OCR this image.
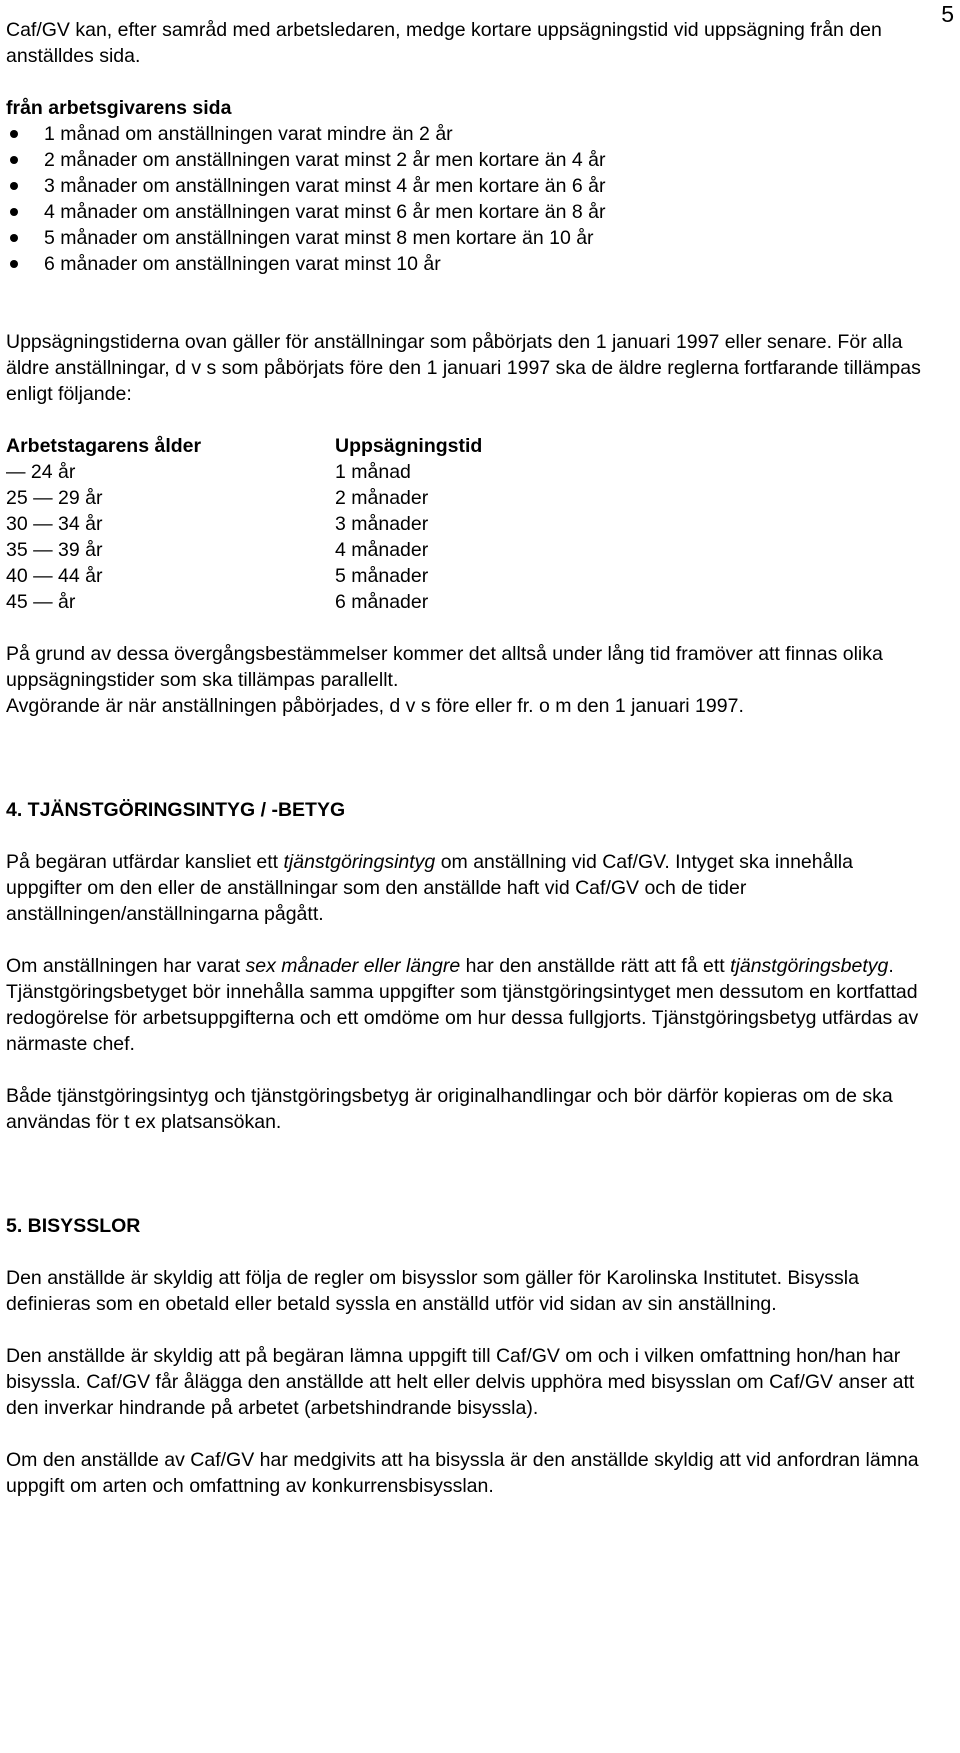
5

Caf/GV kan, efter samråd med arbetsledaren, medge kortare uppsägningstid vid uppsägning från den anställdes sida.

från arbetsgivarens sida

1 månad om anställningen varat mindre än 2 år
2 månader om anställningen varat minst 2 år men kortare än 4 år
3 månader om anställningen varat minst 4 år men kortare än 6 år
4 månader om anställningen varat minst 6 år men kortare än 8 år
5 månader om anställningen varat minst 8 men kortare än 10 år
6 månader om anställningen varat minst 10 år

Uppsägningstiderna ovan gäller för anställningar som påbörjats den 1 januari 1997 eller senare. För alla äldre anställningar, d v s som påbörjats före den 1 januari 1997 ska de äldre reglerna fortfarande tillämpas enligt följande:

Arbetstagarens ålder	Uppsägningstid
— 24 år	1 månad
25 — 29 år	2 månader
30 — 34 år	3 månader
35 — 39 år	4 månader
40 — 44 år	5 månader
45 — år	6 månader

På grund av dessa övergångsbestämmelser kommer det alltså under lång tid framöver att finnas olika uppsägningstider som ska tillämpas parallellt.

Avgörande är när anställningen påbörjades, d v s före eller fr. o m den 1 januari 1997.

4. TJÄNSTGÖRINGSINTYG / -BETYG

På begäran utfärdar kansliet ett tjänstgöringsintyg om anställning vid Caf/GV. Intyget ska innehålla uppgifter om den eller de anställningar som den anställde haft vid Caf/GV och de tider anställningen/anställningarna pågått.

Om anställningen har varat sex månader eller längre har den anställde rätt att få ett tjänstgöringsbetyg. Tjänstgöringsbetyget bör innehålla samma uppgifter som tjänstgöringsintyget men dessutom en kortfattad redogörelse för arbetsuppgifterna och ett omdöme om hur dessa fullgjorts. Tjänstgöringsbetyg utfärdas av närmaste chef.

Både tjänstgöringsintyg och tjänstgöringsbetyg är originalhandlingar och bör därför kopieras om de ska användas för t ex platsansökan.

5. BISYSSLOR

Den anställde är skyldig att följa de regler om bisysslor som gäller för Karolinska Institutet. Bisyssla definieras som en obetald eller betald syssla en anställd utför vid sidan av sin anställning.

Den anställde är skyldig att på begäran lämna uppgift till Caf/GV om och i vilken omfattning hon/han har bisyssla. Caf/GV får ålägga den anställde att helt eller delvis upphöra med bisysslan om Caf/GV anser att den inverkar hindrande på arbetet (arbetshindrande bisyssla).

Om den anställde av Caf/GV har medgivits att ha bisyssla är den anställde skyldig att vid anfordran lämna uppgift om arten och omfattning av konkurrensbisysslan.
